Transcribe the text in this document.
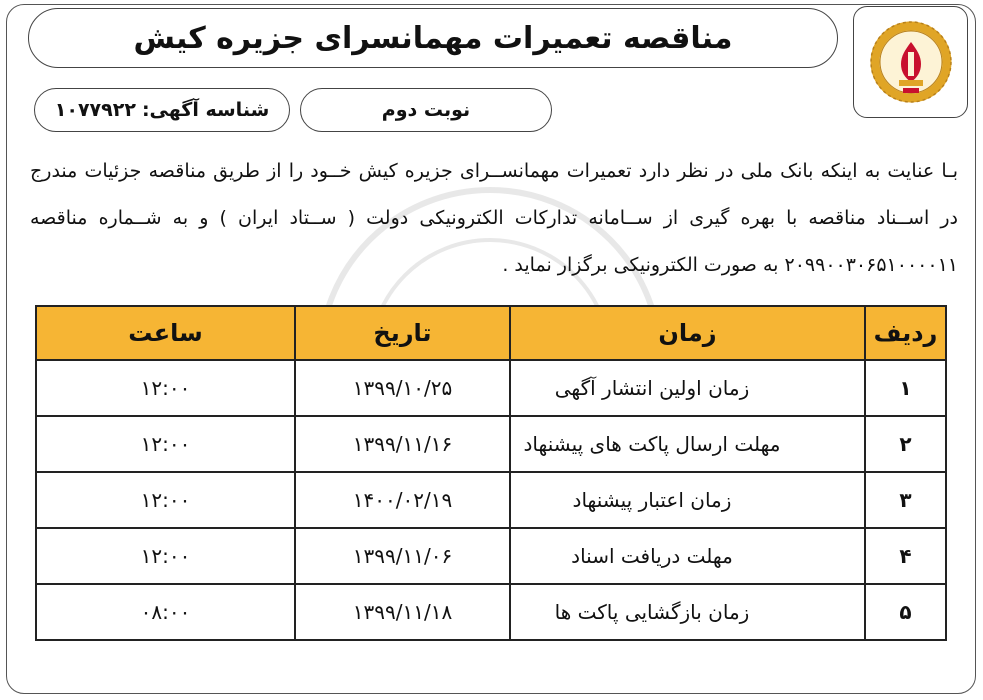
مناقصه تعمیرات مهمانسرای جزیره کیش
نوبت دوم
شناسه آگهی:
۱۰۷۷۹۲۲
بـا عنایت به اینکه بانک ملی در نظر دارد تعمیرات مهمانســرای جزیره کیش خــود را از طریق مناقصه جزئیات مندرج در اســناد مناقصه با بهره گیری از ســامانه تدارکات الکترونیکی دولت ( ســتاد ایران ) و به شــماره مناقصه ۲۰۹۹۰۰۳۰۶۵۱۰۰۰۰۱۱ به صورت الکترونیکی برگزار نماید .
ردیف	زمان	تاریخ	ساعت
۱	زمان اولین انتشار آگهی	۱۳۹۹/۱۰/۲۵	۱۲:۰۰
۲	مهلت ارسال پاکت های پیشنهاد	۱۳۹۹/۱۱/۱۶	۱۲:۰۰
۳	زمان اعتبار پیشنهاد	۱۴۰۰/۰۲/۱۹	۱۲:۰۰
۴	مهلت دریافت اسناد	۱۳۹۹/۱۱/۰۶	۱۲:۰۰
۵	زمان بازگشایی پاکت ها	۱۳۹۹/۱۱/۱۸	۰۸:۰۰
